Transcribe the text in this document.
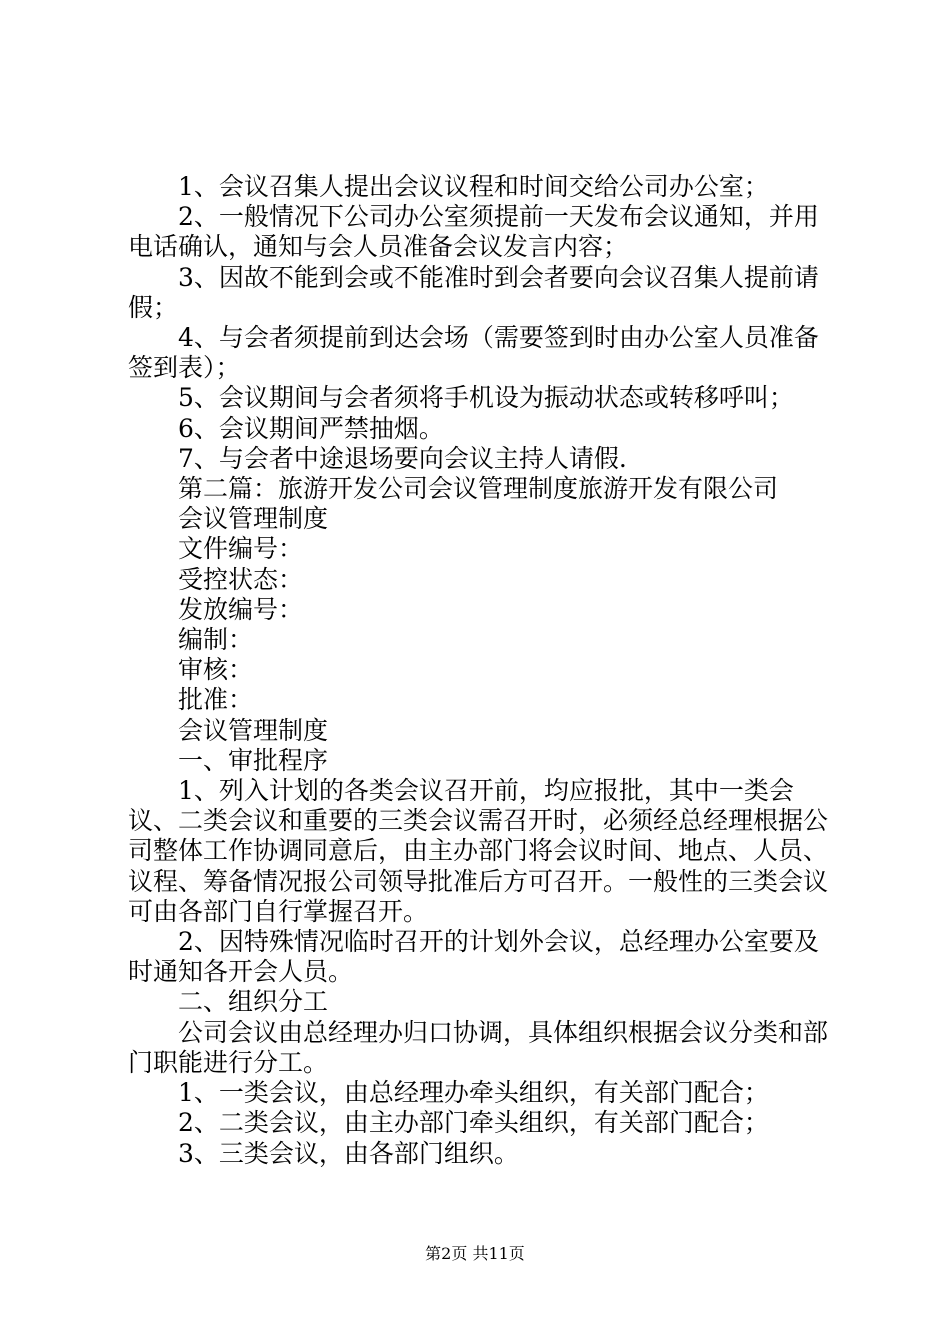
1、会议召集人提出会议议程和时间交给公司办公室；

2、一般情况下公司办公室须提前一天发布会议通知，并用电话确认，通知与会人员准备会议发言内容；

3、因故不能到会或不能准时到会者要向会议召集人提前请假；

4、与会者须提前到达会场（需要签到时由办公室人员准备签到表）；

5、会议期间与会者须将手机设为振动状态或转移呼叫；

6、会议期间严禁抽烟。

7、与会者中途退场要向会议主持人请假.

第二篇：旅游开发公司会议管理制度旅游开发有限公司

会议管理制度

文件编号：

受控状态：

发放编号：

编制：

审核：

批准：

会议管理制度

一、审批程序

1、列入计划的各类会议召开前，均应报批，其中一类会议、二类会议和重要的三类会议需召开时，必须经总经理根据公司整体工作协调同意后，由主办部门将会议时间、地点、人员、议程、筹备情况报公司领导批准后方可召开。一般性的三类会议可由各部门自行掌握召开。

2、因特殊情况临时召开的计划外会议，总经理办公室要及时通知各开会人员。

二、组织分工

公司会议由总经理办归口协调，具体组织根据会议分类和部门职能进行分工。

1、一类会议，由总经理办牵头组织，有关部门配合；

2、二类会议，由主办部门牵头组织，有关部门配合；

3、三类会议，由各部门组织。

第2页 共11页
